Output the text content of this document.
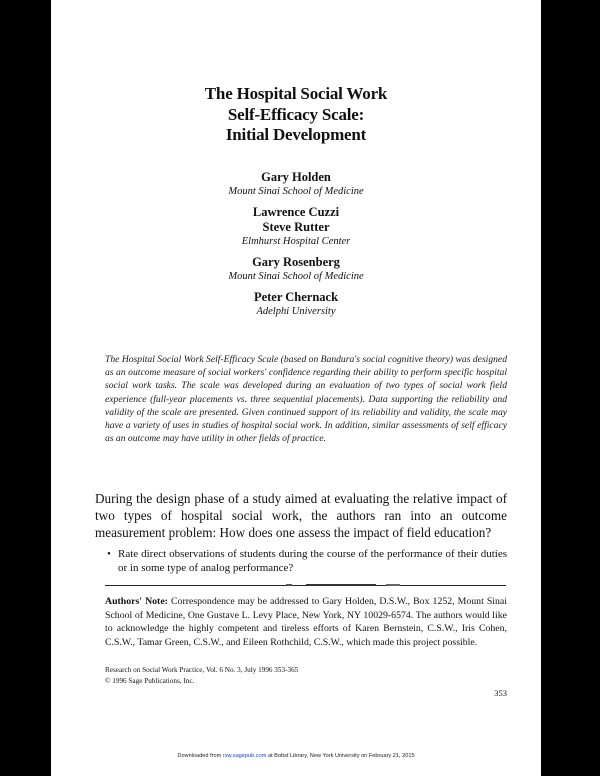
The Hospital Social Work
Self-Efficacy Scale:
Initial Development
Gary Holden
Mount Sinai School of Medicine
Lawrence Cuzzi
Steve Rutter
Elmhurst Hospital Center
Gary Rosenberg
Mount Sinai School of Medicine
Peter Chernack
Adelphi University
The Hospital Social Work Self-Efficacy Scale (based on Bandura's social cognitive theory) was designed as an outcome measure of social workers' confidence regarding their ability to perform specific hospital social work tasks. The scale was developed during an evaluation of two types of social work field experience (full-year placements vs. three sequential placements). Data supporting the reliability and validity of the scale are presented. Given continued support of its reliability and validity, the scale may have a variety of uses in studies of hospital social work. In addition, similar assessments of self efficacy as an outcome may have utility in other fields of practice.
During the design phase of a study aimed at evaluating the relative impact of two types of hospital social work, the authors ran into an outcome measurement problem: How does one assess the impact of field education?
• Rate direct observations of students during the course of the performance of their duties or in some type of analog performance?
Authors' Note: Correspondence may be addressed to Gary Holden, D.S.W., Box 1252, Mount Sinai School of Medicine, One Gustave L. Levy Place, New York, NY 10029-6574. The authors would like to acknowledge the highly competent and tireless efforts of Karen Bernstein, C.S.W., Iris Cohen, C.S.W., Tamar Green, C.S.W., and Eileen Rothchild, C.S.W., which made this project possible.
Research on Social Work Practice, Vol. 6 No. 3, July 1996 353-365
© 1996 Sage Publications, Inc.
353
Downloaded from rsw.sagepub.com at Bobst Library, New York University on February 21, 2015
